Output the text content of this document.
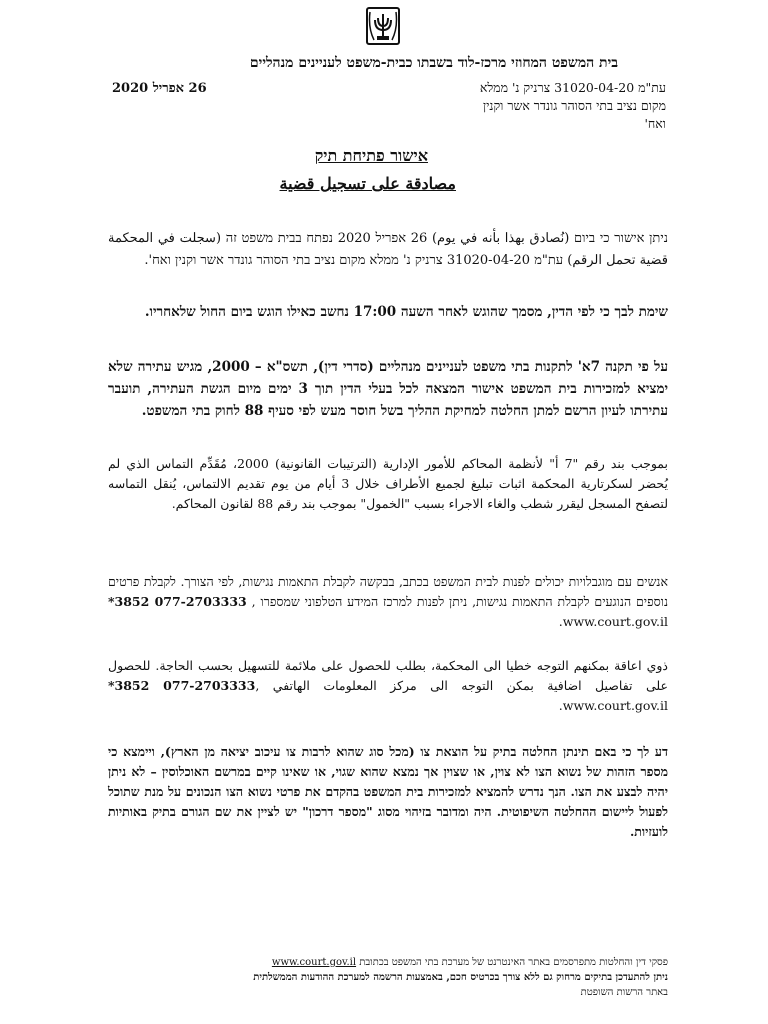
בית המשפט המחוזי מרכז-לוד בשבתו כבית-משפט לעניינים מנהליים
26 אפריל 2020	עת"מ 31020-04-20 צרניק נ' ממלא
מקום נציב בתי הסוהר גונדר אשר וקנין
ואח'
אישור פתיחת תיק
مصادقة على تسجيل قضية
ניתן אישור כי ביום (نُصادق بهذا بأنه في يوم) 26 אפריל 2020 נפתח בבית משפט זה (سجلت في المحكمة قضية تحمل الرقم) עת"מ 31020-04-20 צרניק נ' ממלא מקום נציב בתי הסוהר גונדר אשר וקנין ואח'.
שימת לבך כי לפי הדין, מסמך שהוגש לאחר השעה 17:00 נחשב כאילו הוגש ביום החול שלאחריו.
על פי תקנה 7א' לתקנות בתי משפט לעניינים מנהליים (סדרי דין), תשס"א – 2000, מגיש עתירה שלא ימציא למזכירות בית המשפט אישור המצאה לכל בעלי הדין תוך 3 ימים מיום הגשת העתירה, תועבר עתירתו לעיון הרשם למתן החלטה למחיקת ההליך בשל חוסר מעש לפי סעיף 88 לחוק בתי המשפט.
بموجب بند رقم "7 أ" لأنظمة المحاكم للأمور الإدارية (الترتيبات القانونية) 2000، مُقَدِّم التماس الذي لم يُحضر لسكرتارية المحكمة اثبات تبليغ لجميع الأطراف خلال 3 أيام من يوم تقديم الالتماس، يُنقل التماسه لتصفح المسجل ليقرر شطب والغاء الاجراء بسبب "الخمول" بموجب بند رقم 88 لقانون المحاكم.
אנשים עם מוגבלויות יכולים לפנות לבית המשפט בכתב, בבקשה לקבלת התאמות נגישות, לפי הצורך. לקבלת פרטים נוספים הנוגעים לקבלת התאמות נגישות, ניתן לפנות למרכז המידע הטלפוני שמספרו *3852 077-2703333 , www.court.gov.il.
ذوي اعاقة بمكنهم التوجه خطيا الى المحكمة، بطلب للحصول على ملائمة للتسهيل بحسب الحاجة. للحصول على تفاصيل اضافية بمكن التوجه الى مركز المعلومات الهاتفي *3852 077-2703333, www.court.gov.il.
דע לך כי באם תינתן החלטה בתיק על הוצאת צו (מכל סוג שהוא לרבות צו עיכוב יציאה מן הארץ), ויימצא כי מספר הזהות של נשוא הצו לא צוין, או שצוין אך נמצא שהוא שגוי, או שאינו קיים במרשם האוכלוסין – לא ניתן יהיה לבצע את הצו. הנך נדרש להמציא למזכירות בית המשפט בהקדם את פרטי נשוא הצו הנכונים על מנת שתוכל לפעול ליישום ההחלטה השיפוטית. היה ומדובר בזיהוי מסוג "מספר דרכון" יש לציין את שם הגורם בתיק באותיות לועזיות.
פסקי דין והחלטות מתפרסמים באתר האינטרנט של מערכת בתי המשפט בכתובת www.court.gov.il
ניתן להתעדכן בתיקים מרחוק גם ללא צורך בכרטיס חכם, באמצעות הרשמה למערכת ההודעות הממשלתית
באתר הרשות השופטת
